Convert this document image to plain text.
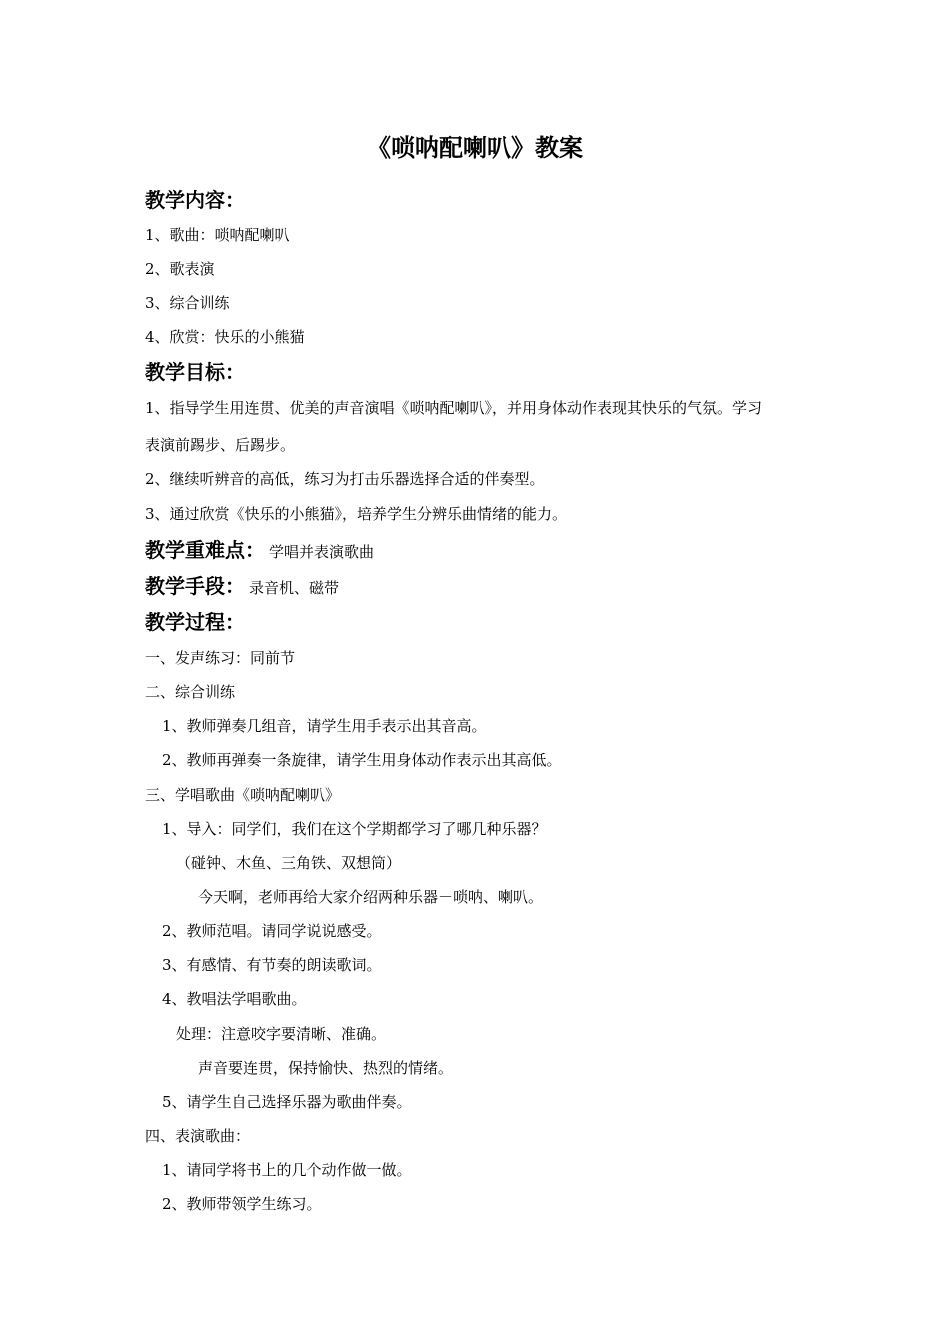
《唢呐配喇叭》教案
教学内容：
1、歌曲：唢呐配喇叭
2、歌表演
3、综合训练
4、欣赏：快乐的小熊猫
教学目标：
1、指导学生用连贯、优美的声音演唱《唢呐配喇叭》，并用身体动作表现其快乐的气氛。学习
表演前踢步、后踢步。
2、继续听辨音的高低，练习为打击乐器选择合适的伴奏型。
3、通过欣赏《快乐的小熊猫》，培养学生分辨乐曲情绪的能力。
教学重难点： 学唱并表演歌曲
教学手段： 录音机、磁带
教学过程：
一、发声练习：同前节
二、综合训练
1、教师弹奏几组音，请学生用手表示出其音高。
2、教师再弹奏一条旋律，请学生用身体动作表示出其高低。
三、学唱歌曲《唢呐配喇叭》
1、导入：同学们，我们在这个学期都学习了哪几种乐器？
（碰钟、木鱼、三角铁、双想筒）
今天啊，老师再给大家介绍两种乐器－唢呐、喇叭。
2、教师范唱。请同学说说感受。
3、有感情、有节奏的朗读歌词。
4、教唱法学唱歌曲。
处理：注意咬字要清晰、准确。
声音要连贯，保持愉快、热烈的情绪。
5、请学生自己选择乐器为歌曲伴奏。
四、表演歌曲：
1、请同学将书上的几个动作做一做。
2、教师带领学生练习。
